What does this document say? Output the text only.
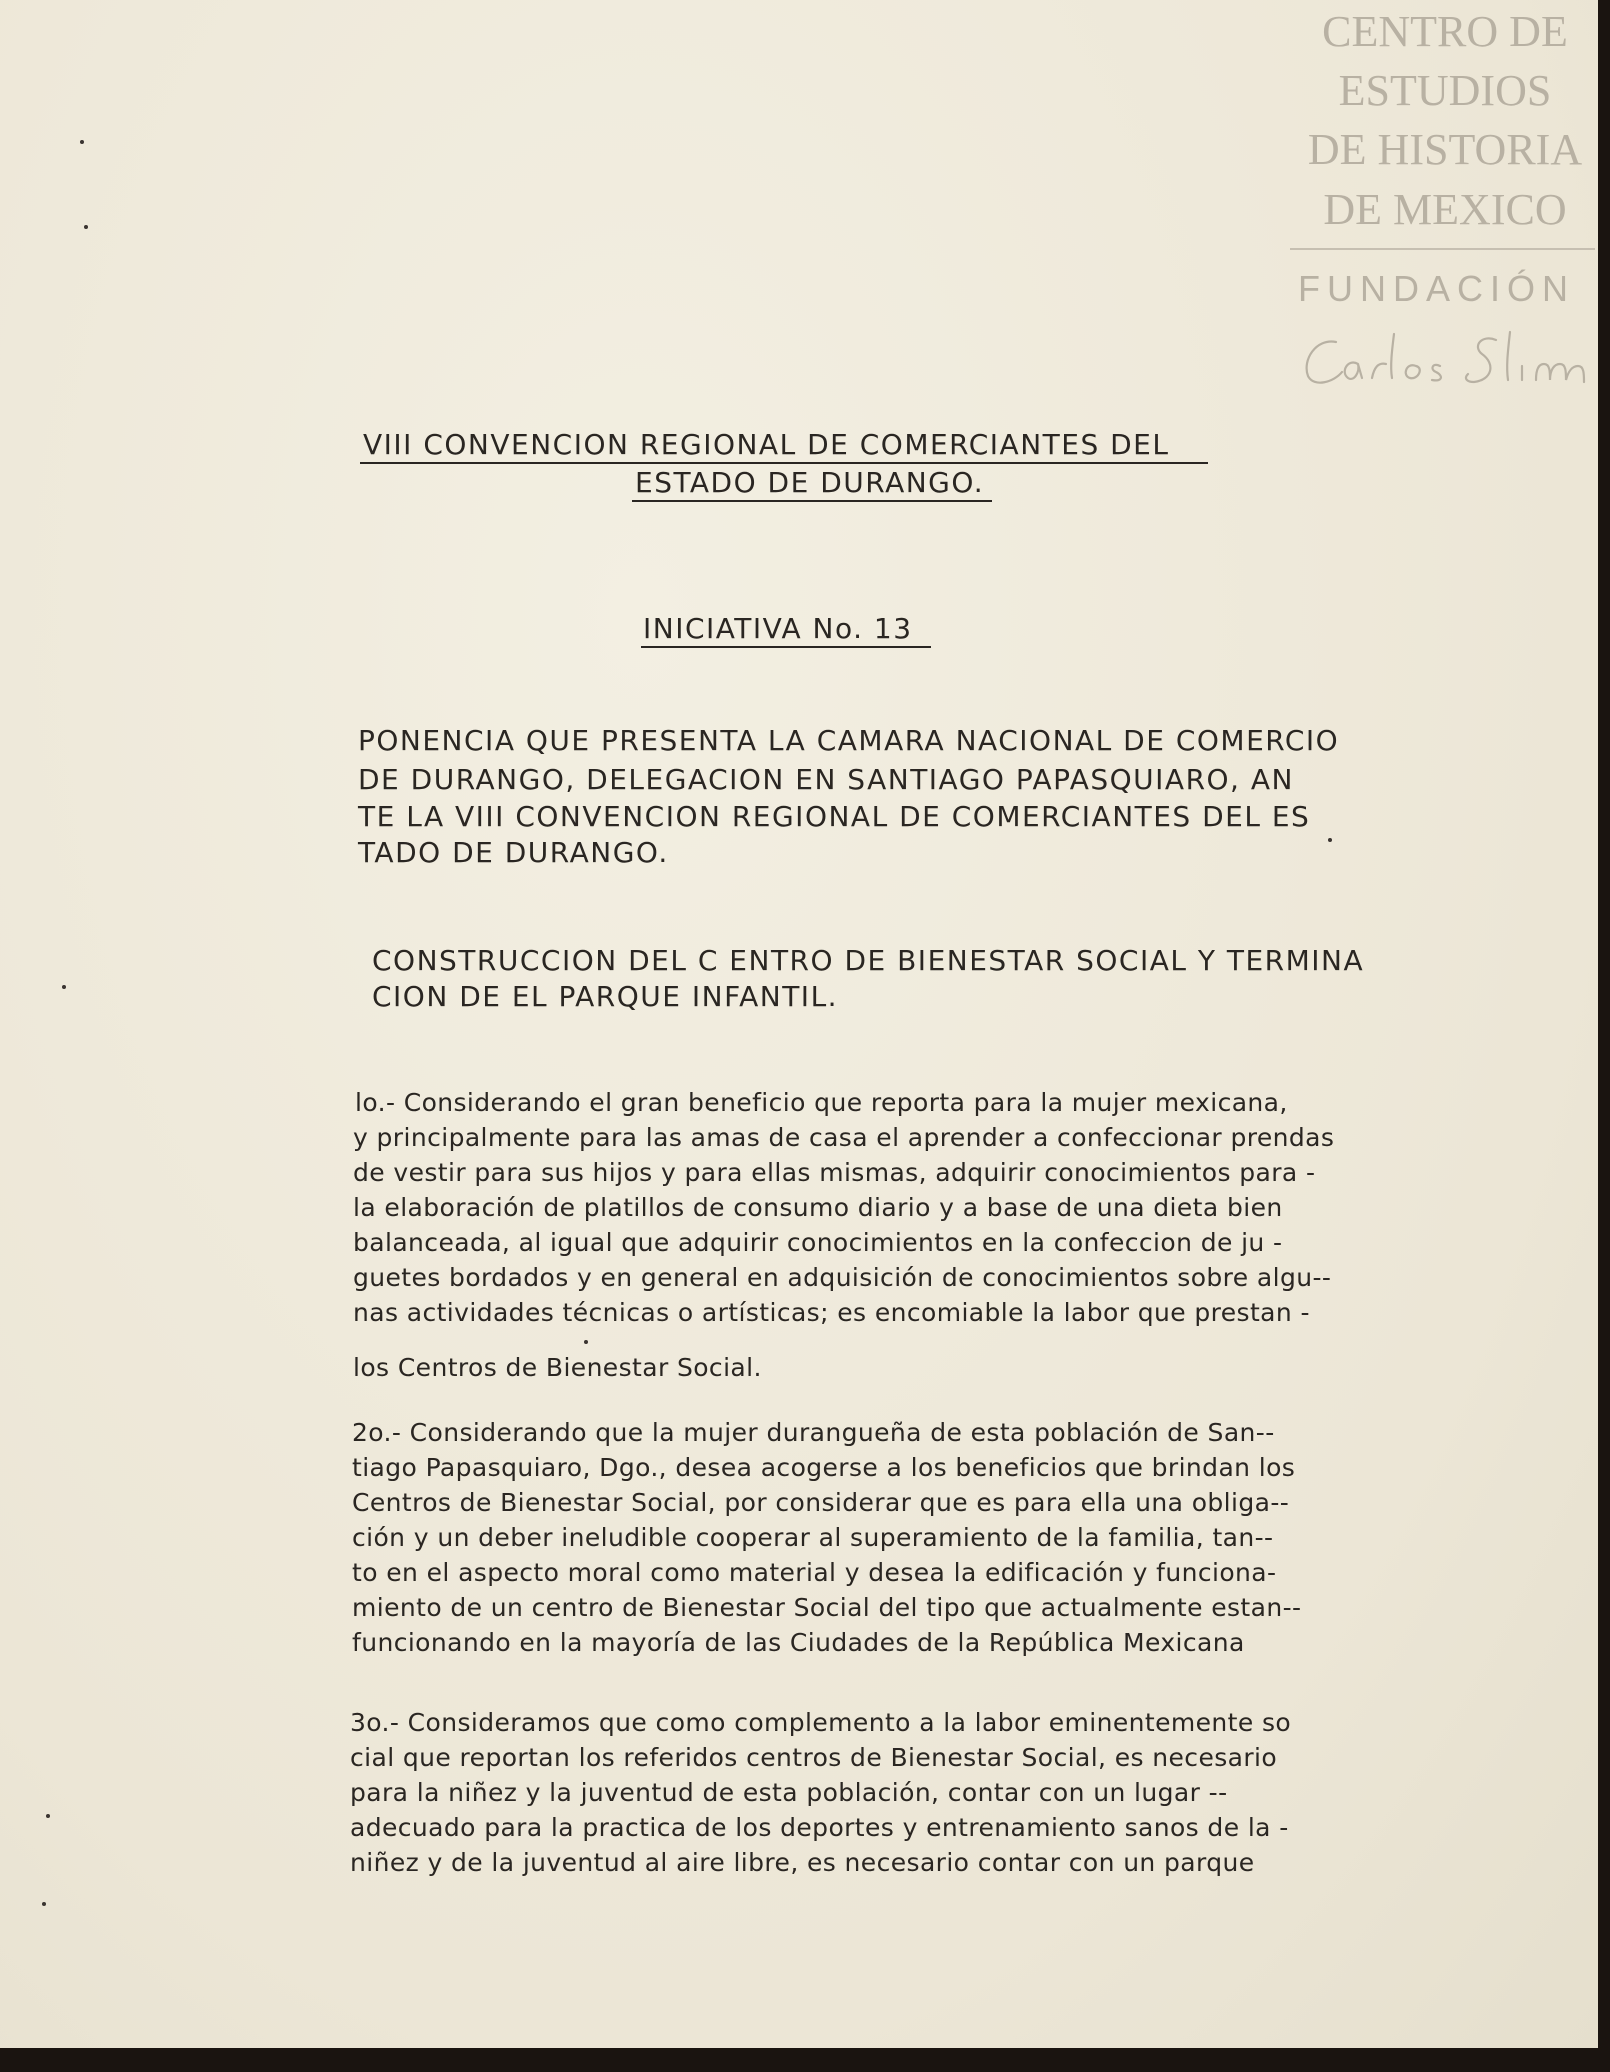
CENTRO DE
ESTUDIOS
DE HISTORIA
DE MEXICO
FUNDACIÓN
VIII CONVENCION REGIONAL DE COMERCIANTES DEL
ESTADO DE DURANGO.
INICIATIVA No. 13
PONENCIA QUE PRESENTA LA CAMARA NACIONAL DE COMERCIO
DE DURANGO, DELEGACION EN SANTIAGO PAPASQUIARO, AN
TE LA VIII CONVENCION REGIONAL DE COMERCIANTES DEL ES
TADO DE DURANGO.
CONSTRUCCION DEL C ENTRO DE BIENESTAR SOCIAL Y TERMINA
CION DE EL PARQUE INFANTIL.
lo.- Considerando el gran beneficio que reporta para la mujer mexicana,
y principalmente para las amas de casa el aprender a confeccionar prendas
de vestir para sus hijos y para ellas mismas, adquirir conocimientos para -
la elaboración de platillos de consumo diario y a base de una dieta bien
balanceada, al igual que adquirir conocimientos en la confeccion de ju -
guetes bordados y en general en adquisición de conocimientos sobre algu--
nas actividades técnicas o artísticas; es encomiable la labor que prestan -
los Centros de Bienestar Social.
2o.- Considerando que la mujer durangueña de esta población de San--
tiago Papasquiaro, Dgo., desea acogerse a los beneficios que brindan los
Centros de Bienestar Social, por considerar que es para ella una obliga--
ción y un deber ineludible cooperar al superamiento de la familia, tan--
to en el aspecto moral como material y desea la edificación y funciona-
miento de un centro de Bienestar Social del tipo que actualmente estan--
funcionando en la mayoría de las Ciudades de la República Mexicana
3o.- Consideramos que como complemento a la labor eminentemente so
cial que reportan los referidos centros de Bienestar Social, es necesario
para la niñez y la juventud de esta población, contar con un lugar --
adecuado para la practica de los deportes y entrenamiento sanos de la -
niñez y de la juventud al aire libre, es necesario contar con un parque
